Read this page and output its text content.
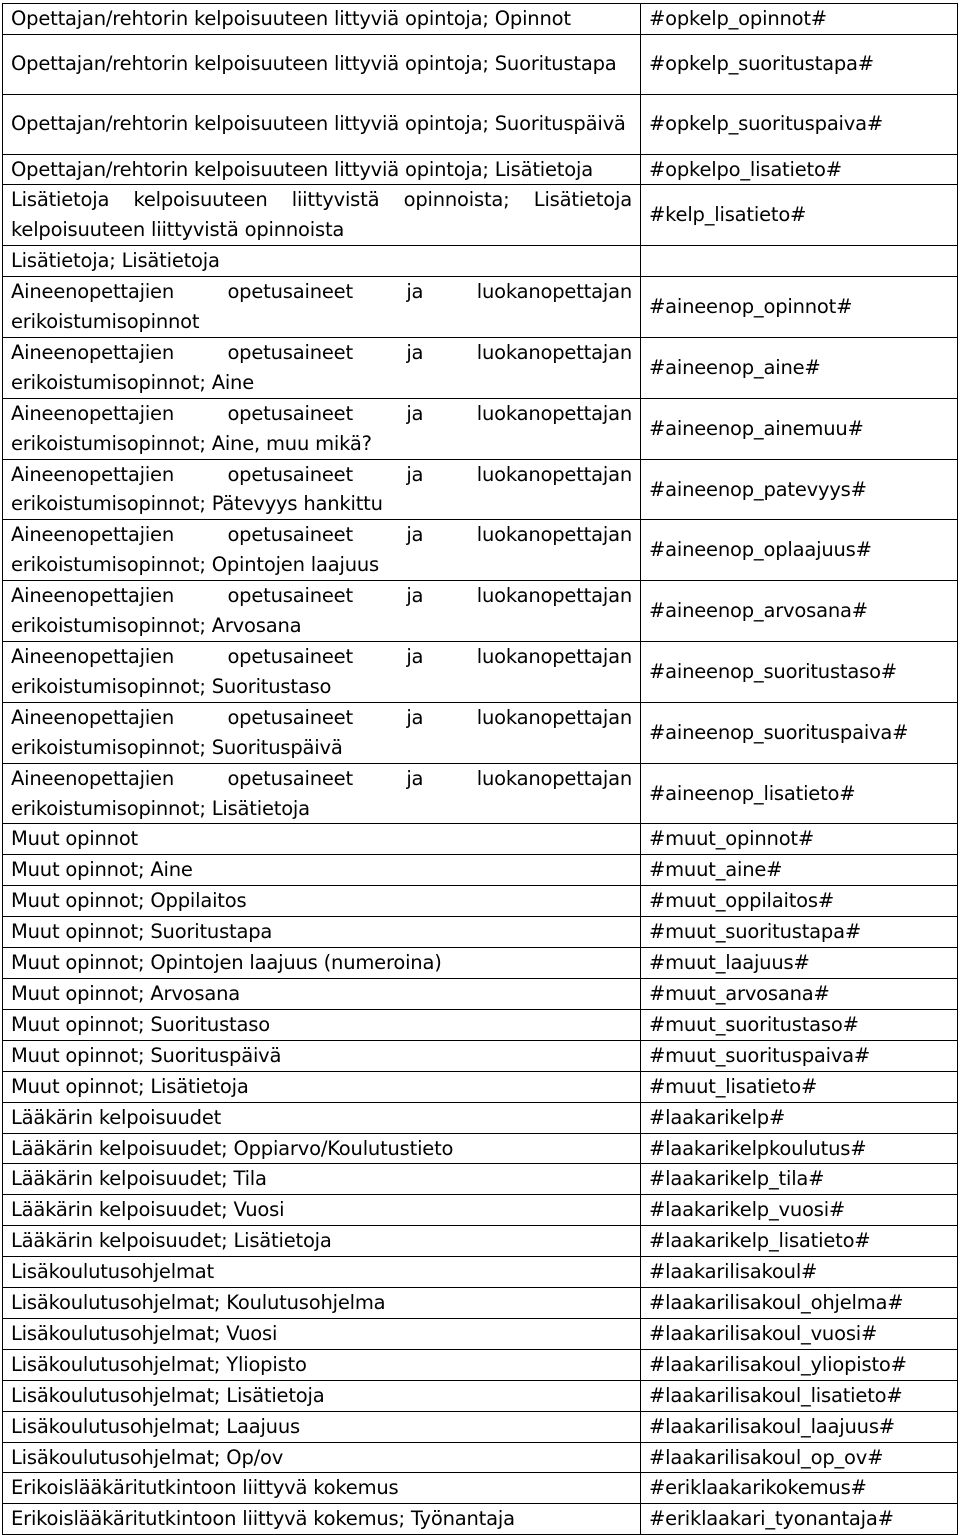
Opettajan/rehtorin kelpoisuuteen littyviä opintoja; Opinnot	#opkelp_opinnot#
Opettajan/rehtorin kelpoisuuteen littyviä opintoja; Suoritustapa	#opkelp_suoritustapa#
Opettajan/rehtorin kelpoisuuteen littyviä opintoja; Suorituspäivä	#opkelp_suorituspaiva#
Opettajan/rehtorin kelpoisuuteen littyviä opintoja; Lisätietoja	#opkelpo_lisatieto#
Lisätietoja kelpoisuuteen liittyvistä opinnoista; Lisätietoja kelpoisuuteen liittyvistä opinnoista	#kelp_lisatieto#
Lisätietoja; Lisätietoja	
Aineenopettajien opetusaineet ja luokanopettajan erikoistumisopinnot	#aineenop_opinnot#
Aineenopettajien opetusaineet ja luokanopettajan erikoistumisopinnot; Aine	#aineenop_aine#
Aineenopettajien opetusaineet ja luokanopettajan erikoistumisopinnot; Aine, muu mikä?	#aineenop_ainemuu#
Aineenopettajien opetusaineet ja luokanopettajan erikoistumisopinnot; Pätevyys hankittu	#aineenop_patevyys#
Aineenopettajien opetusaineet ja luokanopettajan erikoistumisopinnot; Opintojen laajuus	#aineenop_oplaajuus#
Aineenopettajien opetusaineet ja luokanopettajan erikoistumisopinnot; Arvosana	#aineenop_arvosana#
Aineenopettajien opetusaineet ja luokanopettajan erikoistumisopinnot; Suoritustaso	#aineenop_suoritustaso#
Aineenopettajien opetusaineet ja luokanopettajan erikoistumisopinnot; Suorituspäivä	#aineenop_suorituspaiva#
Aineenopettajien opetusaineet ja luokanopettajan erikoistumisopinnot; Lisätietoja	#aineenop_lisatieto#
Muut opinnot	#muut_opinnot#
Muut opinnot; Aine	#muut_aine#
Muut opinnot; Oppilaitos	#muut_oppilaitos#
Muut opinnot; Suoritustapa	#muut_suoritustapa#
Muut opinnot; Opintojen laajuus (numeroina)	#muut_laajuus#
Muut opinnot; Arvosana	#muut_arvosana#
Muut opinnot; Suoritustaso	#muut_suoritustaso#
Muut opinnot; Suorituspäivä	#muut_suorituspaiva#
Muut opinnot; Lisätietoja	#muut_lisatieto#
Lääkärin kelpoisuudet	#laakarikelp#
Lääkärin kelpoisuudet; Oppiarvo/Koulutustieto	#laakarikelpkoulutus#
Lääkärin kelpoisuudet; Tila	#laakarikelp_tila#
Lääkärin kelpoisuudet; Vuosi	#laakarikelp_vuosi#
Lääkärin kelpoisuudet; Lisätietoja	#laakarikelp_lisatieto#
Lisäkoulutusohjelmat	#laakarilisakoul#
Lisäkoulutusohjelmat; Koulutusohjelma	#laakarilisakoul_ohjelma#
Lisäkoulutusohjelmat; Vuosi	#laakarilisakoul_vuosi#
Lisäkoulutusohjelmat; Yliopisto	#laakarilisakoul_yliopisto#
Lisäkoulutusohjelmat; Lisätietoja	#laakarilisakoul_lisatieto#
Lisäkoulutusohjelmat; Laajuus	#laakarilisakoul_laajuus#
Lisäkoulutusohjelmat; Op/ov	#laakarilisakoul_op_ov#
Erikoislääkäritutkintoon liittyvä kokemus	#eriklaakarikokemus#
Erikoislääkäritutkintoon liittyvä kokemus; Työnantaja	#eriklaakari_tyonantaja#
